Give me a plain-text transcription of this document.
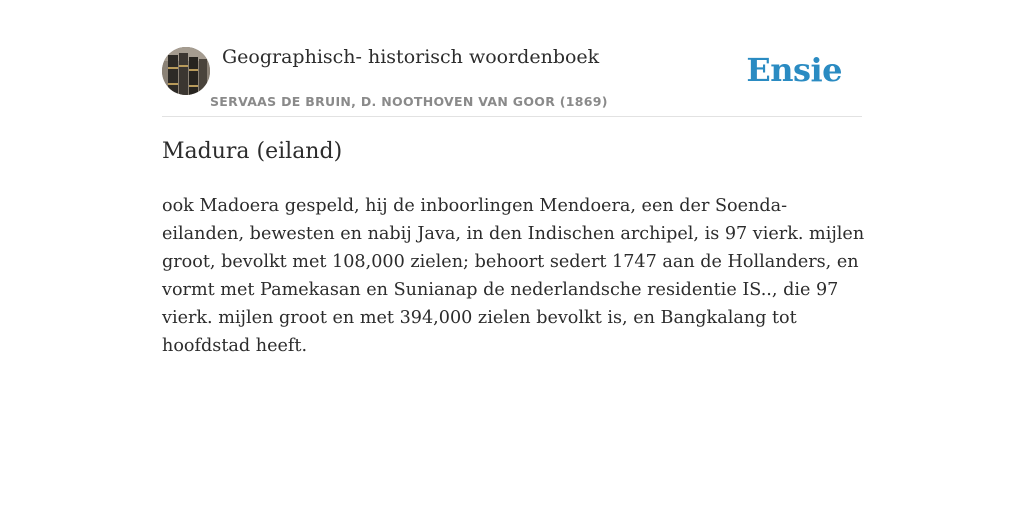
Geographisch- historisch woordenboek
SERVAAS DE BRUIN, D. NOOTHOVEN VAN GOOR (1869)
Ensie
Madura (eiland)

ook Madoera gespeld, hij de inboorlingen Mendoera, een der Soenda-eilanden, bewesten en nabij Java, in den Indischen archipel, is 97 vierk. mijlen groot, bevolkt met 108,000 zielen; behoort sedert 1747 aan de Hollanders, en vormt met Pamekasan en Sunianap de nederlandsche residentie IS.., die 97 vierk. mijlen groot en met 394,000 zielen bevolkt is, en Bangkalang tot hoofdstad heeft.
